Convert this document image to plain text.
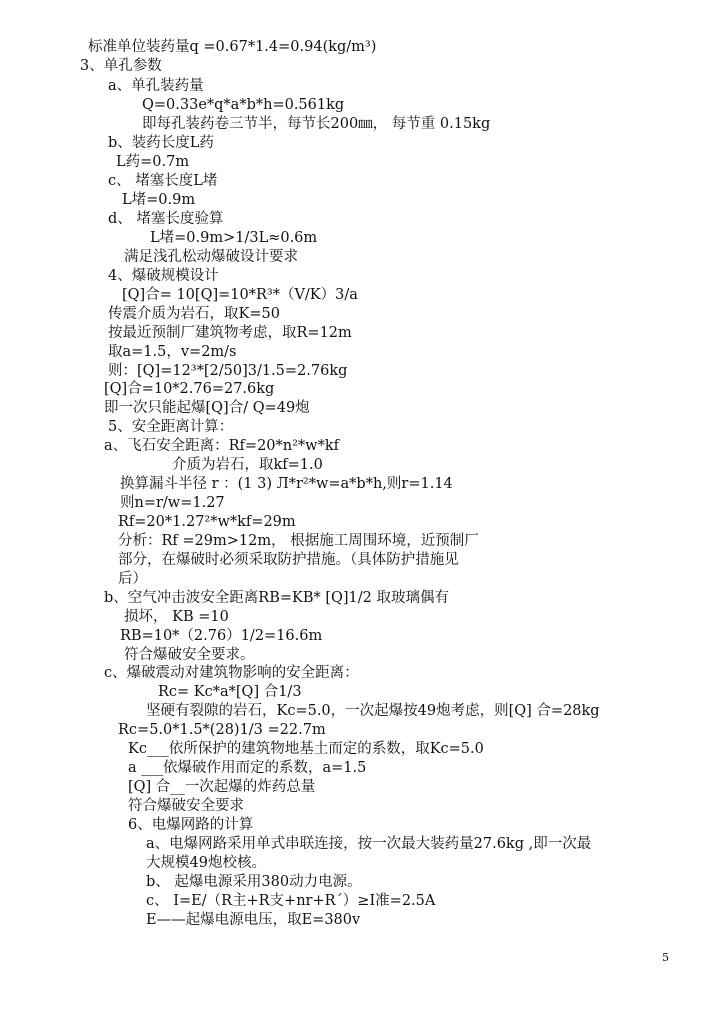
标准单位装药量q =0.67*1.4=0.94(kg/m³)
3、单孔参数
a、单孔装药量
Q=0.33e*q*a*b*h=0.561kg
即每孔装药卷三节半，每节长200㎜， 每节重 0.15kg
b、装药长度L药
L药=0.7m
c、 堵塞长度L堵
L堵=0.9m
d、 堵塞长度验算
L堵=0.9m>1/3L≈0.6m
满足浅孔松动爆破设计要求
4、爆破规模设计
[Q]合= 10[Q]=10*R³*（V/K）3/a
传震介质为岩石，取K=50
按最近预制厂建筑物考虑，取R=12m
取a=1.5，v=2m/s
则：[Q]=12³*[2/50]3/1.5=2.76kg
[Q]合=10*2.76=27.6kg
即一次只能起爆[Q]合/ Q=49炮
5、安全距离计算：
a、飞石安全距离：Rf=20*n²*w*kf
介质为岩石，取kf=1.0
换算漏斗半径 r ：(1 3) Л*r²*w=a*b*h,则r=1.14
则n=r/w=1.27
Rf=20*1.27²*w*kf=29m
分析：Rf =29m>12m， 根据施工周围环境，近预制厂
部分，在爆破时必须采取防护措施。（具体防护措施见
后）
b、空气冲击波安全距离RB=KB* [Q]1/2 取玻璃偶有
损坏， KB =10
RB=10*（2.76）1/2=16.6m
符合爆破安全要求。
c、爆破震动对建筑物影响的安全距离：
Rc= Kc*a*[Q] 合1/3
坚硬有裂隙的岩石，Kc=5.0，一次起爆按49炮考虑，则[Q] 合=28kg
Rc=5.0*1.5*(28)1/3 =22.7m
Kc___依所保护的建筑物地基土而定的系数，取Kc=5.0
a ___依爆破作用而定的系数，a=1.5
[Q] 合__一次起爆的炸药总量
符合爆破安全要求
6、电爆网路的计算
a、电爆网路采用单式串联连接，按一次最大装药量27.6kg ,即一次最
大规模49炮校核。
b、 起爆电源采用380动力电源。
c、 I=E/（R主+R支+nr+R´）≥I准=2.5A
E——起爆电源电压，取E=380v
5
